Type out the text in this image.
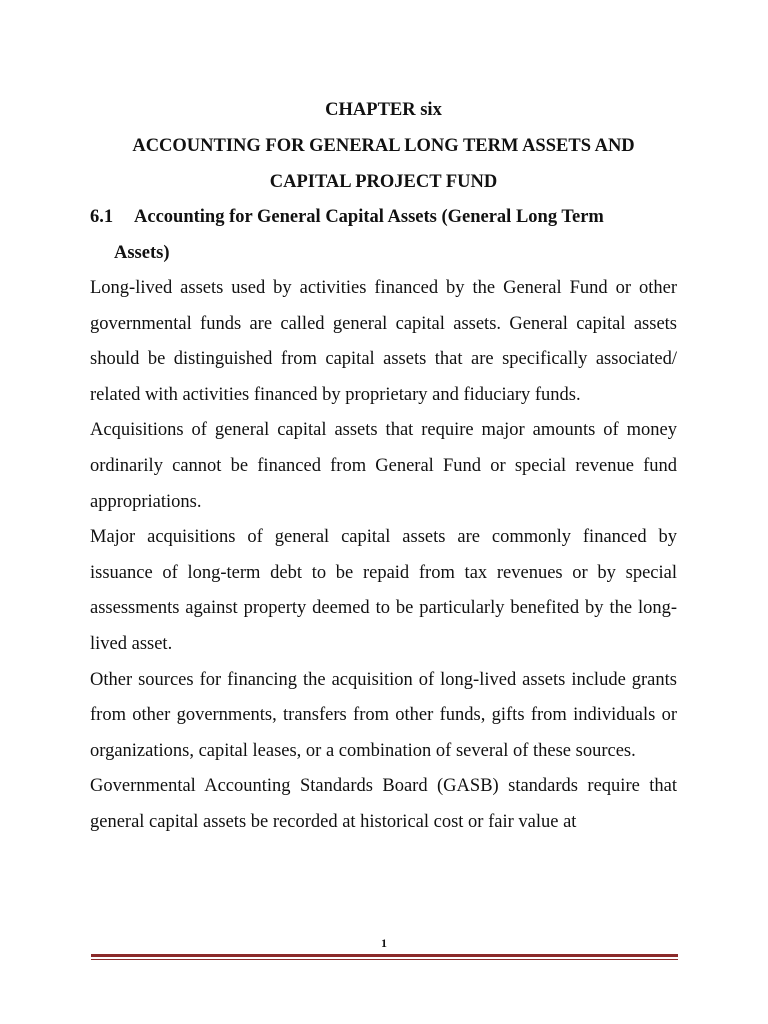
CHAPTER six

ACCOUNTING FOR GENERAL LONG TERM ASSETS AND

CAPITAL PROJECT FUND

6.1 Accounting for General Capital Assets (General Long Term
Assets)

Long-lived assets used by activities financed by the General Fund or other governmental funds are called general capital assets. General capital assets should be distinguished from capital assets that are specifically associated/ related with activities financed by proprietary and fiduciary funds.

Acquisitions of general capital assets that require major amounts of money ordinarily cannot be financed from General Fund or special revenue fund appropriations.

Major acquisitions of general capital assets are commonly financed by issuance of long-term debt to be repaid from tax revenues or by special assessments against property deemed to be particularly benefited by the long-lived asset.

Other sources for financing the acquisition of long-lived assets include grants from other governments, transfers from other funds, gifts from individuals or organizations, capital leases, or a combination of several of these sources.

Governmental Accounting Standards Board (GASB) standards require that general capital assets be recorded at historical cost or fair value at

1
